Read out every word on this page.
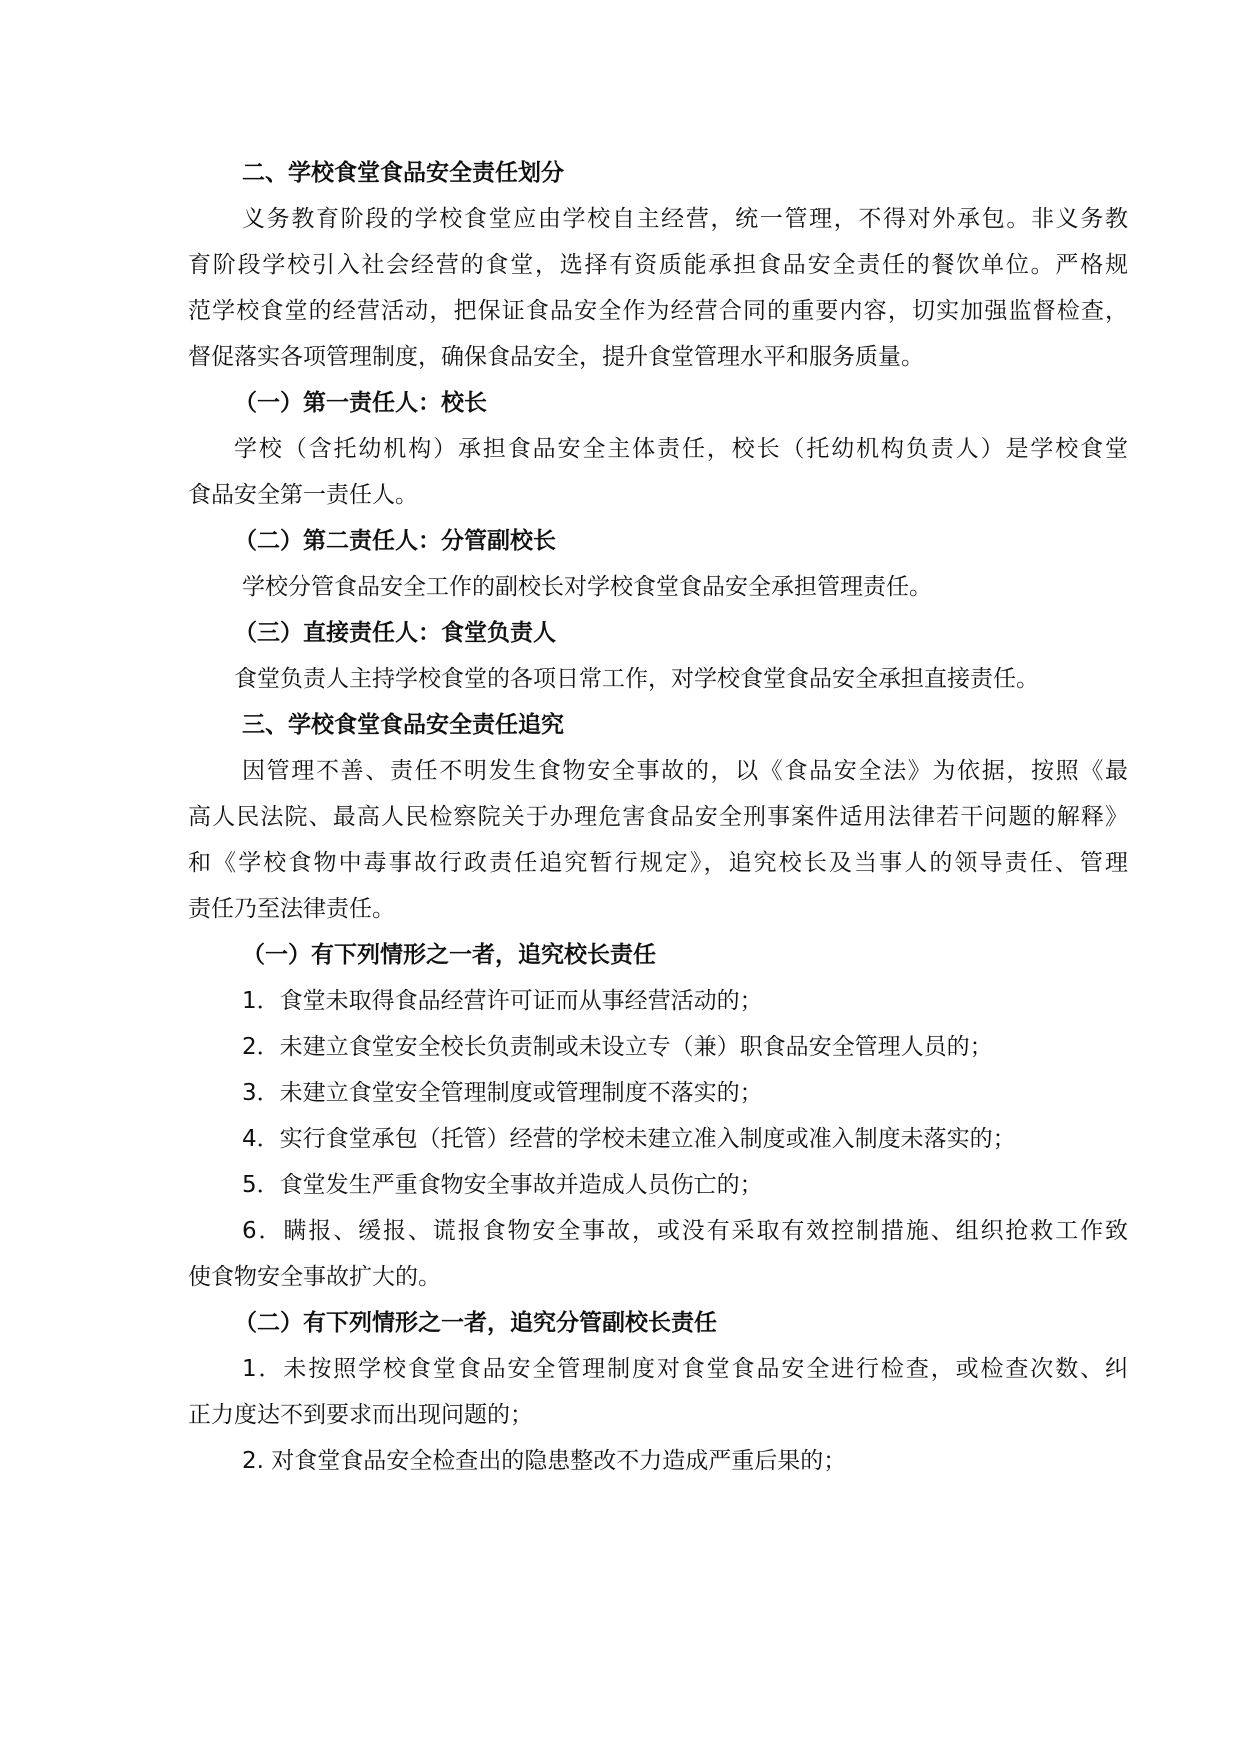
二、学校食堂食品安全责任划分
义务教育阶段的学校食堂应由学校自主经营，统一管理，不得对外承包。非义务教
育阶段学校引入社会经营的食堂，选择有资质能承担食品安全责任的餐饮单位。严格规
范学校食堂的经营活动，把保证食品安全作为经营合同的重要内容，切实加强监督检查，
督促落实各项管理制度，确保食品安全，提升食堂管理水平和服务质量。
（一）第一责任人：校长
学校（含托幼机构）承担食品安全主体责任，校长（托幼机构负责人）是学校食堂
食品安全第一责任人。
（二）第二责任人：分管副校长
学校分管食品安全工作的副校长对学校食堂食品安全承担管理责任。
（三）直接责任人：食堂负责人
食堂负责人主持学校食堂的各项日常工作，对学校食堂食品安全承担直接责任。
三、学校食堂食品安全责任追究
因管理不善、责任不明发生食物安全事故的，以《食品安全法》为依据，按照《最
高人民法院、最高人民检察院关于办理危害食品安全刑事案件适用法律若干问题的解释》
和《学校食物中毒事故行政责任追究暂行规定》，追究校长及当事人的领导责任、管理
责任乃至法律责任。
（一）有下列情形之一者，追究校长责任
1．食堂未取得食品经营许可证而从事经营活动的；
2．未建立食堂安全校长负责制或未设立专（兼）职食品安全管理人员的；
3．未建立食堂安全管理制度或管理制度不落实的；
4．实行食堂承包（托管）经营的学校未建立准入制度或准入制度未落实的；
5．食堂发生严重食物安全事故并造成人员伤亡的；
6．瞒报、缓报、谎报食物安全事故，或没有采取有效控制措施、组织抢救工作致
使食物安全事故扩大的。
（二）有下列情形之一者，追究分管副校长责任
1．未按照学校食堂食品安全管理制度对食堂食品安全进行检查，或检查次数、纠
正力度达不到要求而出现问题的；
2. 对食堂食品安全检查出的隐患整改不力造成严重后果的；
